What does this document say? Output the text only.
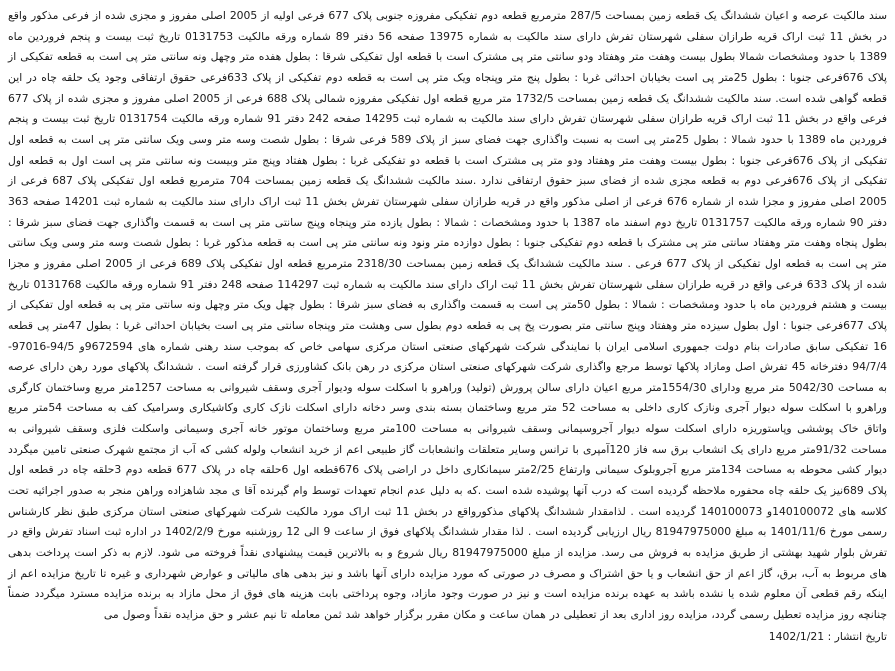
سند مالکیت عرصه و اعیان ششدانگ یک قطعه زمین بمساحت 287/5 مترمربع قطعه دوم تفکیکی مفروزه جنوبی پلاک 677 فرعی اولیه از 2005 اصلی مفروز و مجزی شده از فرعی مذکور واقع در بخش 11 ثبت اراک قریه طرازان سفلی شهرستان تفرش دارای سند مالکیت به شماره 13975 صفحه 56 دفتر 89 شماره ورقه مالکیت 0131753 تاریخ ثبت بیست و پنجم فروردین ماه 1389 با حدود ومشخصات شمالا بطول بیست وهفت متر وهفتاد ودو سانتی متر پی مشترک است با قطعه اول تفکیکی شرقا : بطول هفده متر وچهل ونه سانتی متر پی است به قطعه تفکیکی از پلاک 676فرعی جنوبا : بطول 25متر پی است بخیابان احداثی غربا : بطول پنج متر وپنجاه ویک متر پی است به قطعه دوم تفکیکی از پلاک 633فرعی حقوق ارتفاقی وجود یک حلقه چاه در این قطعه گواهی شده است. سند مالکیت ششدانگ یک قطعه زمین بمساحت 1732/5 متر مربع قطعه اول تفکیکی مفروزه شمالی پلاک 688 فرعی از 2005 اصلی مفروز و مجزی شده از پلاک 677 فرعی واقع در بخش 11 ثبت اراک قریه طرازان سفلی شهرستان تفرش دارای سند مالکیت به شماره ثبت 14295 صفحه 242 دفتر 91 شماره ورقه مالکیت 0131754 تاریخ ثبت بیست و پنجم فروردین ماه 1389 با حدود شمالا : بطول 25متر پی است به نسبت واگذاری جهت فضای سبز از پلاک 589 فرعی شرقا : بطول شصت وسه متر وسی ویک سانتی متر پی است به قطعه اول تفکیکی از پلاک 676فرعی جنوبا : بطول بیست وهفت متر وهفتاد ودو متر پی مشترک است با قطعه دو تفکیکی غربا : بطول هفتاد وپنج متر وبیست ونه سانتی متر پی است اول به قطعه اول تفکیکی از پلاک 676فرعی دوم به قطعه مجزی شده از فضای سبز حقوق ارتفاقی ندارد .سند مالکیت ششدانگ یک قطعه زمین بمساحت 704 مترمربع قطعه اول تفکیکی پلاک 687 فرعی از 2005 اصلی مفروز و مجزا شده از شماره 676 فرعی از اصلی مذکور واقع در قریه طرازان سفلی شهرستان تفرش بخش 11 ثبت اراک دارای سند مالکیت به شماره ثبت 14201 صفحه 363 دفتر 90 شماره ورقه مالکیت 0131757 تاریخ دوم اسفند ماه 1387 با حدود ومشخصات : شمالا : بطول یازده متر وپنجاه وپنج سانتی متر پی است به قسمت واگذاری جهت فضای سبز شرقا : بطول پنجاه وهفت متر وهفتاد سانتی متر پی مشترک با قطعه دوم تفکیکی جنوبا : بطول دوازده متر ونود ونه سانتی متر پی است به قطعه مذکور غربا : بطول شصت وسه متر وسی ویک سانتی متر پی است به قطعه اول تفکیکی از پلاک 677 فرعی . سند مالکیت ششدانگ یک قطعه زمین بمساحت 2318/30 مترمربع قطعه اول تفکیکی پلاک 689 فرعی از 2005 اصلی مفروز و مجزا شده از پلاک 633 فرعی واقع در قریه طرازان سفلی شهرستان تفرش بخش 11 ثبت اراک دارای سند مالکیت به شماره ثبت 114297 صفحه 248 دفتر 91 شماره ورقه مالکیت 0131768 تاریخ بیست و هشتم فروردین ماه با حدود ومشخصات : شمالا : بطول 50متر پی است به قسمت واگذاری به فضای سبز شرقا : بطول چهل ویک متر وچهل ونه سانتی متر پی به قطعه اول تفکیکی از پلاک 677فرعی جنوبا : اول بطول سیزده متر وهفتاد وپنج سانتی متر بصورت پخ پی به قطعه دوم بطول سی وهشت متر وپنجاه سانتی متر پی است بخیابان احداثی غربا : بطول 47متر پی قطعه 16 تفکیکی سابق صادرات بنام دولت جمهوری اسلامی ایران با نمایندگی شرکت شهرکهای صنعتی استان مرکزی سهامی خاص که بموجب سند رهنی شماره های 9672594و 94/5-97016-94/7/4 دفترخانه 45 تفرش اصل ومازاد پلاکها توسط مرجع واگذاری شرکت شهرکهای صنعتی استان مرکزی در رهن بانک کشاورزی قرار گرفته است . ششدانگ پلاکهای مورد رهن دارای عرصه به مساحت 5042/30 متر مربع ودارای 1554/30متر مربع اعیان دارای سالن پرورش (تولید) وراهرو با اسکلت سوله ودیوار آجری وسقف شیروانی به مساحت 1257متر مربع وساختمان کارگری وراهرو با اسکلت سوله دیوار آجری ونازک کاری داخلی به مساحت 52 متر مربع وساختمان بسته بندی وسر دخانه دارای اسکلت نازک کاری وکاشیکاری وسرامیک کف به مساحت 54متر مربع واتاق خاک پوششی وپاستوریزه دارای اسکلت سوله دیوار آجروسیمانی وسقف شیروانی به مساحت 100متر مربع وساختمان موتور خانه آجری وسیمانی واسکلت فلزی وسقف شیروانی به مساحت 91/32متر مربع دارای یک انشعاب برق سه فاز 120آمپری با ترانس وسایر متعلقات وانشعابات گاز طبیعی اعم از خرید انشعاب ولوله کشی که آب از مجتمع شهرک صنعتی تامین میگردد دیوار کشی محوطه به مساحت 134متر مربع آجروبلوک سیمانی وارتفاع 2/25متر سیمانکاری داخل در اراضی پلاک 676قطعه اول 6حلقه چاه در پلاک 677 قطعه دوم 3حلقه چاه در قطعه اول پلاک 689نیز یک حلقه چاه محفوره ملاحظه گردیده است که درب آنها پوشیده شده است .که به دلیل عدم انجام تعهدات توسط وام گیرنده آقا ی مجد شاهزاده وراهن منجر به صدور اجرائیه تحت کلاسه های 140100072و 140100073 گردیده است . لذامقدار ششدانگ پلاکهای مذکورواقع در بخش 11 ثبت اراک مورد مالکیت شرکت شهرکهای صنعتی استان مرکزی طبق نظر کارشناس رسمی مورخ 1401/11/6 به مبلغ 81947975000 ریال ارزیابی گردیده است . لذا مقدار ششدانگ پلاکهای فوق از ساعت 9 الی 12 روزشنبه مورخ 1402/2/9 در اداره ثبت اسناد تفرش واقع در تفرش بلوار شهید بهشتی از طریق مزایده به فروش می رسد. مزایده از مبلغ 81947975000 ریال شروع و به بالاترین قیمت پیشنهادی نقداً فروخته می شود. لازم به ذکر است پرداخت بدهی های مربوط به آب، برق، گاز اعم از حق انشعاب و یا حق اشتراک و مصرف در صورتی که مورد مزایده دارای آنها باشد و نیز بدهی های مالیاتی و عوارض شهرداری و غیره تا تاریخ مزایده اعم از اینکه رقم قطعی آن معلوم شده یا نشده باشد به عهده برنده مزایده است و نیز در صورت وجود مازاد، وجوه پرداختی بابت هزینه های فوق از محل مازاد به برنده مزایده مسترد میگردد ضمناً چنانچه روز مزایده تعطیل رسمی گردد، مزایده روز اداری بعد از تعطیلی در همان ساعت و مکان مقرر برگزار خواهد شد ثمن معامله تا نیم عشر و حق مزایده نقداً وصول می

تاریخ انتشار : 1402/1/21
